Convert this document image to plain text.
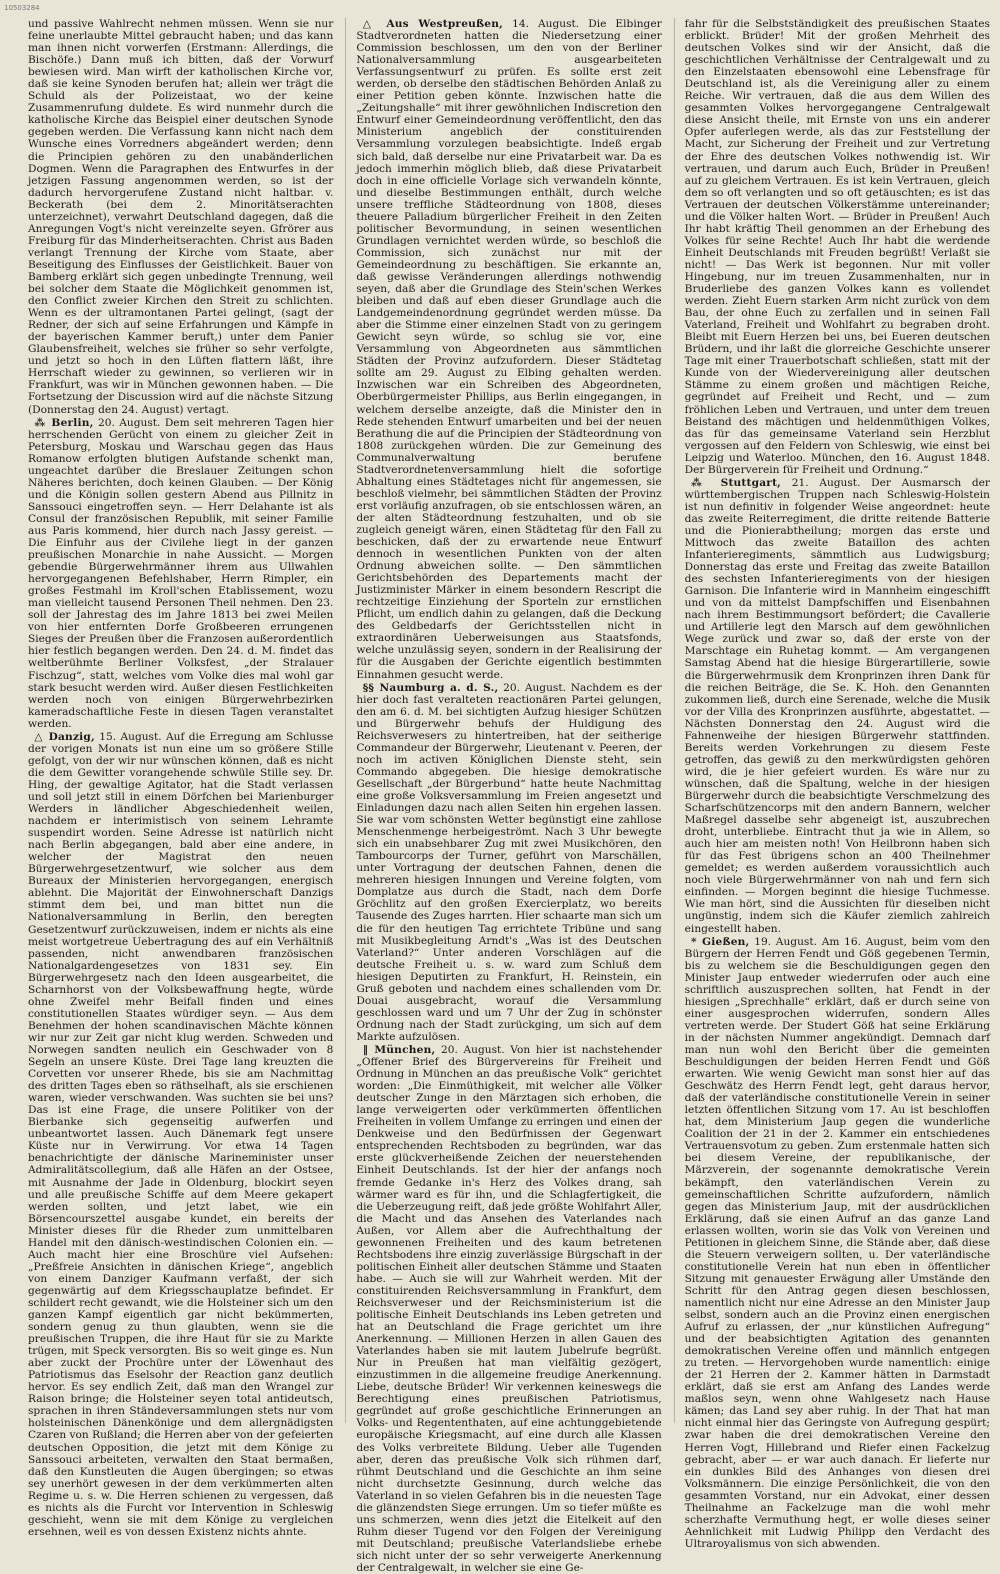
10503284

und passive Wahlrecht nehmen müssen. Wenn sie nur feine unerlaubte Mittel gebraucht haben; und das kann man ihnen nicht vorwerfen (Erstmann: Allerdings, die Bischöfe.) Dann muß ich bitten, daß der Vorwurf bewiesen wird. Man wirft der katholischen Kirche vor, daß sie keine Synoden berufen hat; allein wer trägt die Schuld als der Polizeistaat, wo der keine Zusammenrufung duldete. Es wird nunmehr durch die katholische Kirche das Beispiel einer deutschen Synode gegeben werden. Die Verfassung kann nicht nach dem Wunsche eines Vorredners abgeändert werden; denn die Principien gehören zu den unabänderlichen Dogmen. Wenn die Paragraphen des Entwurfes in der jetzigen Fassung angenommen werden, so ist der dadurch hervorgerufene Zustand nicht haltbar. v. Beckerath (bei dem 2. Minoritätserachten unterzeichnet), verwahrt Deutschland dagegen, daß die Anregungen Vogt's nicht vereinzelte seyen. Gfrörer aus Freiburg für das Minderheitserachten. Christ aus Baden verlangt Trennung der Kirche vom Staate, aber Beseitigung des Einflusses der Geistlichkeit. Bauer von Bamberg erklärt sich gegen unbedingte Trennung, weil bei solcher dem Staate die Möglichkeit genommen ist, den Conflict zweier Kirchen den Streit zu schlichten. Wenn es der ultramontanen Partei gelingt, (sagt der Redner, der sich auf seine Erfahrungen und Kämpfe in der bayerischen Kammer beruft,) unter dem Panier Glaubensfreiheit, welches sie früher so sehr verfolgte, und jetzt so hoch in den Lüften flattern läßt, ihre Herrschaft wieder zu gewinnen, so verlieren wir in Frankfurt, was wir in München gewonnen haben. — Die Fortsetzung der Discussion wird auf die nächste Sitzung (Donnerstag den 24. August) vertagt.

⁂ Berlin, 20. August. Dem seit mehreren Tagen hier herrschenden Gerücht von einem zu gleicher Zeit in Petersburg, Moskau und Warschau gegen das Haus Romanow erfolgten blutigen Aufstande schenkt man, ungeachtet darüber die Breslauer Zeitungen schon Näheres berichten, doch keinen Glauben. — Der König und die Königin sollen gestern Abend aus Pillnitz in Sanssouci eingetroffen seyn. — Herr Delahante ist als Consul der französischen Republik, mit seiner Familie aus Paris kommend, hier durch nach Jassy gereist. — Die Einfuhr aus der Civilehe liegt in der ganzen preußischen Monarchie in nahe Aussicht. — Morgen gebendie Bürgerwehrmänner ihrem aus Ullwahlen hervorgegangenen Befehlshaber, Herrn Rimpler, ein großes Festmahl im Kroll'schen Etablissement, wozu man vielleicht tausend Personen Theil nehmen. Den 23. soll der Jahrestag des im Jahre 1813 bei zwei Meilen von hier entfernten Dorfe Großbeeren errungenen Sieges der Preußen über die Franzosen außerordentlich hier festlich begangen werden. Den 24. d. M. findet das weltberühmte Berliner Volksfest, „der Stralauer Fischzug“, statt, welches vom Volke dies mal wohl gar stark besucht werden wird. Außer diesen Festlichkeiten werden noch von einigen Bürgerwehrbezirken kameradschaftliche Feste in diesen Tagen veranstaltet werden.

△ Danzig, 15. August. Auf die Erregung am Schlusse der vorigen Monats ist nun eine um so größere Stille gefolgt, von der wir nur wünschen können, daß es nicht die dem Gewitter vorangehende schwüle Stille sey. Dr. Hing, der gewaltige Agitator, hat die Stadt verlassen und soll jetzt still in einem Dörfchen bei Marienburger Werders in ländlicher Abgeschiedenheit weilen, nachdem er interimistisch von seinem Lehramte suspendirt worden. Seine Adresse ist natürlich nicht nach Berlin abgegangen, bald aber eine andere, in welcher der Magistrat den neuen Bürgerwehrgesetzentwurf, wie solcher aus dem Bureaux der Ministerien hervorgegangen, energisch ablehnt. Die Majorität der Einwohnerschaft Danzigs stimmt dem bei, und man bittet nun die Nationalversammlung in Berlin, den beregten Gesetzentwurf zurückzuweisen, indem er nichts als eine meist wortgetreue Uebertragung des auf ein Verhältniß passenden, nicht anwendbaren französischen Nationalgardengesetzes von 1831 sey. Ein Bürgerwehrgesetz nach den Ideen ausgearbeitet, die Scharnhorst von der Volksbewaffnung hegte, würde ohne Zweifel mehr Beifall finden und eines constitutionellen Staates würdiger seyn. — Aus dem Benehmen der hohen scandinavischen Mächte können wir nur zur Zeit gar nicht klug werden. Schweden und Norwegen sandten neulich ein Geschwader von 8 Segeln an unsere Küste. Drei Tage lang kreuzten die Corvetten vor unserer Rhede, bis sie am Nachmittag des dritten Tages eben so räthselhaft, als sie erschienen waren, wieder verschwanden. Was suchten sie bei uns? Das ist eine Frage, die unsere Politiker von der Bierbanke sich gegenseitig aufwerfen und unbeantwortet lassen. Auch Dänemark fegt unsere Küste nur in Verwirrung. Vor etwa 14 Tagen benachrichtigte der dänische Marineminister unser Admiralitätscollegium, daß alle Häfen an der Ostsee, mit Ausnahme der Jade in Oldenburg, blockirt seyen und alle preußische Schiffe auf dem Meere gekapert werden sollten, und jetzt labet, wie ein Börsencourszettel ausgabe kundet, ein bereits der Minister dieses für die Rheder zum unmittelbaren Handel mit den dänisch-westindischen Colonien ein. — Auch macht hier eine Broschüre viel Aufsehen: „Preßfreie Ansichten in dänischen Kriege“, angeblich von einem Danziger Kaufmann verfaßt, der sich gegenwärtig auf dem Kriegsschauplatze befindet. Er schildert recht gewandt, wie die Holsteiner sich um den ganzen Kampf eigentlich gar nicht bekümmerten, sondern genug zu thun glaubten, wenn sie die preußischen Truppen, die ihre Haut für sie zu Markte trügen, mit Speck versorgten. Bis so weit ginge es. Nun aber zuckt der Prochüre unter der Löwenhaut des Patriotismus das Eselsohr der Reaction ganz deutlich hervor. Es sey endlich Zeit, daß man den Wrangel zur Raison bringe; die Holsteiner seyen total antideutsch, sprachen in ihren Ständeversammlungen stets nur vom holsteinischen Dänenkönige und dem allergnädigsten Czaren von Rußland; die Herren aber von der gefeierten deutschen Opposition, die jetzt mit dem Könige zu Sanssouci arbeiteten, verwalten den Staat bermaßen, daß den Kunstleuten die Augen übergingen; so etwas sey unerhört gewesen in der dem verkümmerten alten Regime u. s. w. Die Herren schienen zu vergessen, daß es nichts als die Furcht vor Intervention in Schleswig geschieht, wenn sie mit dem Könige zu vergleichen ersehnen, weil es von dessen Existenz nichts ahnte.

△ Aus Westpreußen, 14. August. Die Elbinger Stadtverordneten hatten die Niedersetzung einer Commission beschlossen, um den von der Berliner Nationalversammlung ausgearbeiteten Verfassungsentwurf zu prüfen. Es sollte erst zeit werden, ob derselbe den städtischen Behörden Anlaß zu einer Petition geben könnte. Inzwischen hatte die „Zeitungshalle“ mit ihrer gewöhnlichen Indiscretion den Entwurf einer Gemeindeordnung veröffentlicht, den das Ministerium angeblich der constituirenden Versammlung vorzulegen beabsichtigte. Indeß ergab sich bald, daß derselbe nur eine Privatarbeit war. Da es jedoch immerhin möglich blieb, daß diese Privatarbeit doch in eine officielle Vorlage sich verwandeln könnte, und dieselbe Bestimmungen enthält, durch welche unsere treffliche Städteordnung von 1808, dieses theuere Palladium bürgerlicher Freiheit in den Zeiten politischer Bevormundung, in seinen wesentlichen Grundlagen vernichtet werden würde, so beschloß die Commission, sich zunächst nur mit der Gemeindeordnung zu beschäftigen. Sie erkannte an, daß gewisse Veränderungen allerdings nothwendig seyen, daß aber die Grundlage des Stein'schen Werkes bleiben und daß auf eben dieser Grundlage auch die Landgemeindenordnung gegründet werden müsse. Da aber die Stimme einer einzelnen Stadt von zu geringem Gewicht seyn würde, so schlug sie vor, eine Versammlung von Abgeordneten aus sämmtlichen Städten der Provinz aufzufordern. Dieser Städtetag sollte am 29. August zu Elbing gehalten werden. Inzwischen war ein Schreiben des Abgeordneten, Oberbürgermeister Phillips, aus Berlin eingegangen, in welchem derselbe anzeigte, daß die Minister den in Rede stehenden Entwurf umarbeiten und bei der neuen Berathung die auf die Principien der Städteordnung von 1808 zurückgehen würden. Die zur Gemeinung des Communalverwaltung berufene Stadtverordnetenversammlung hielt die sofortige Abhaltung eines Städtetages nicht für angemessen, sie beschloß vielmehr, bei sämmtlichen Städten der Provinz erst vorläufig anzufragen, ob sie entschlossen wären, an der alten Städteordnung festzuhalten, und ob sie zugleich geneigt wären, einen Städtetag für den Fall zu beschicken, daß der zu erwartende neue Entwurf dennoch in wesentlichen Punkten von der alten Ordnung abweichen sollte. — Den sämmtlichen Gerichtsbehörden des Departements macht der Justizminister Märker in einem besondern Rescript die rechtzeitige Einziehung der Sporteln zur ernstlichen Pflicht, um endlich dahin zu gelangen, daß die Deckung des Geldbedarfs der Gerichtsstellen nicht in extraordinären Ueberweisungen aus Staatsfonds, welche unzulässig seyen, sondern in der Realisirung der für die Ausgaben der Gerichte eigentlich bestimmten Einnahmen gesucht werde.

§§ Naumburg a. d. S., 20. August. Nachdem es der hier doch fast veralteten reactionären Partei gelungen, den am 6. d. M. bei sichtigten Aufzug hiesiger Schützen und Bürgerwehr behufs der Huldigung des Reichsverwesers zu hintertreiben, hat der seitherige Commandeur der Bürgerwehr, Lieutenant v. Peeren, der noch im activen Königlichen Dienste steht, sein Commando abgegeben. Die hiesige demokratische Gesellschaft „der Bürgerbund“ hatte heute Nachmittag eine große Volksversammlung im Freien angesetzt und Einladungen dazu nach allen Seiten hin ergehen lassen. Sie war vom schönsten Wetter begünstigt eine zahllose Menschenmenge herbeigeströmt. Nach 3 Uhr bewegte sich ein unabsehbarer Zug mit zwei Musikchören, den Tambourcorps der Turner, geführt von Marschällen, unter Vortragung der deutschen Fahnen, denen die mehreren hiesigen Innungen und Vereine folgten, vom Domplatze aus durch die Stadt, nach dem Dorfe Gröchlitz auf den großen Exercierplatz, wo bereits Tausende des Zuges harrten. Hier schaarte man sich um die für den heutigen Tag errichtete Tribüne und sang mit Musikbegleitung Arndt's „Was ist des Deutschen Vaterland?“ Unter anderen Vorschlägen auf die deutsche Freiheit u. s. w. ward zum Schluß dem hiesigen Deputirten zu Frankfurt, H. Reinstein, ein Gruß geboten und nachdem eines schallenden vom Dr. Douai ausgebracht, worauf die Versammlung geschlossen ward und um 7 Uhr der Zug in schönster Ordnung nach der Stadt zurückging, um sich auf dem Markte aufzulösen.

‖ München, 20. August. Von hier ist nachstehender „Offener Brief des Bürgervereins für Freiheit und Ordnung in München an das preußische Volk“ gerichtet worden: „Die Einmüthigkeit, mit welcher alle Völker deutscher Zunge in den Märztagen sich erhoben, die lange verweigerten oder verkümmerten öffentlichen Freiheiten in vollem Umfange zu erringen und einen der Denkweise und den Bedürfnissen der Gegenwart entsprechenden Rechtsboden zu begründen, war das erste glückverheißende Zeichen der neuerstehenden Einheit Deutschlands. Ist der hier der anfangs noch fremde Gedanke in's Herz des Volkes drang, sah wärmer ward es für ihn, und die Schlagfertigkeit, die die Ueberzeugung reift, daß jede größte Wohlfahrt Aller, die Macht und das Ansehen des Vaterlandes nach Außen, vor Allem aber die Aufrechthaltung der gewonnenen Freiheiten und des kaum betretenen Rechtsbodens ihre einzig zuverlässige Bürgschaft in der politischen Einheit aller deutschen Stämme und Staaten habe. — Auch sie will zur Wahrheit werden. Mit der constituirenden Reichsversammlung in Frankfurt, dem Reichsverweser und der Reichsministerium ist die politische Einheit Deutschlands ins Leben getreten und hat an Deutschland die Frage gerichtet um ihre Anerkennung. — Millionen Herzen in allen Gauen des Vaterlandes haben sie mit lautem Jubelrufe begrüßt. Nur in Preußen hat man vielfältig gezögert, einzustimmen in die allgemeine freudige Anerkennung. Liebe, deutsche Brüder! Wir verkennen keineswegs die Berechtigung eines preußischen Patriotismus, gegründet auf große geschichtliche Erinnerungen an Volks- und Regententhaten, auf eine achtunggebietende europäische Kriegsmacht, auf eine durch alle Klassen des Volks verbreitete Bildung. Ueber alle Tugenden aber, deren das preußische Volk sich rühmen darf, rühmt Deutschland und die Geschichte an ihm seine nicht durchsetzte Gesinnung, durch welche das Vaterland in so vielen Gefahren bis in die neuesten Tage die glänzendsten Siege errungen. Um so tiefer müßte es uns schmerzen, wenn dies jetzt die Eitelkeit auf den Ruhm dieser Tugend vor den Folgen der Vereinigung mit Deutschland; preußische Vaterlandsliebe erhebe sich nicht unter der so sehr verweigerte Anerkennung der Centralgewalt, in welcher sie eine Ge-

fahr für die Selbstständigkeit des preußischen Staates erblickt. Brüder! Mit der großen Mehrheit des deutschen Volkes sind wir der Ansicht, daß die geschichtlichen Verhältnisse der Centralgewalt und zu den Einzelstaaten ebensowohl eine Lebensfrage für Deutschland ist, als die Vereinigung aller zu einem Reiche. Wir vertrauen, daß die aus dem Willen des gesammten Volkes hervorgegangene Centralgewalt diese Ansicht theile, mit Ernste von uns ein anderer Opfer auferlegen werde, als das zur Feststellung der Macht, zur Sicherung der Freiheit und zur Vertretung der Ehre des deutschen Volkes nothwendig ist. Wir vertrauen, und darum auch Euch, Brüder in Preußen! auf zu gleichem Vertrauen. Es ist kein Vertrauen, gleich dem so oft verlangten und so oft getäuschten; es ist das Vertrauen der deutschen Völkerstämme untereinander; und die Völker halten Wort. — Brüder in Preußen! Auch Ihr habt kräftig Theil genommen an der Erhebung des Volkes für seine Rechte! Auch Ihr habt die werdende Einheit Deutschlands mit Freuden begrüßt! Verlaßt sie nicht! — Das Werk ist begonnen. Nur mit voller Hingebung, nur im treuen Zusammenhalten, nur in Bruderliebe des ganzen Volkes kann es vollendet werden. Zieht Euern starken Arm nicht zurück von dem Bau, der ohne Euch zu zerfallen und in seinen Fall Vaterland, Freiheit und Wohlfahrt zu begraben droht. Bleibt mit Euern Herzen bei uns, bei Eueren deutschen Brüdern, und ihr laßt die glorreiche Geschichte unserer Tage mit einer Trauerbotschaft schließen, statt mit der Kunde von der Wiedervereinigung aller deutschen Stämme zu einem großen und mächtigen Reiche, gegründet auf Freiheit und Recht, und — zum fröhlichen Leben und Vertrauen, und unter dem treuen Beistand des mächtigen und heldenmüthigen Volkes, das für das gemeinsame Vaterland sein Herzblut vergossen auf den Feldern von Schleswig, wie einst bei Leipzig und Waterloo. München, den 16. August 1848. Der Bürgerverein für Freiheit und Ordnung.“

⁂ Stuttgart, 21. August. Der Ausmarsch der württembergischen Truppen nach Schleswig-Holstein ist nun definitiv in folgender Weise angeordnet: heute das zweite Reiterregiment, die dritte reitende Batterie und die Pionierabtheilung; morgen das erste und Mittwoch das zweite Bataillon des achten Infanterieregiments, sämmtlich aus Ludwigsburg; Donnerstag das erste und Freitag das zweite Bataillon des sechsten Infanterieregiments von der hiesigen Garnison. Die Infanterie wird in Mannheim eingeschifft und von da mittelst Dampfschiffen und Eisenbahnen nach ihrem Bestimmungsort befördert; die Cavallerie und Artillerie legt den Marsch auf dem gewöhnlichen Wege zurück und zwar so, daß der erste von der Marschtage ein Ruhetag kommt. — Am vergangenen Samstag Abend hat die hiesige Bürgerartillerie, sowie die Bürgerwehrmusik dem Kronprinzen ihren Dank für die reichen Beiträge, die Se. K. Hoh. den Genannten zukommen ließ, durch eine Serenade, welche die Musik vor der Villa des Kronprinzen ausführte, abgestattet. — Nächsten Donnerstag den 24. August wird die Fahnenweihe der hiesigen Bürgerwehr stattfinden. Bereits werden Vorkehrungen zu diesem Feste getroffen, das gewiß zu den merkwürdigsten gehören wird, die je hier gefeiert wurden. Es wäre nur zu wünschen, daß die Spaltung, welche in der hiesigen Bürgerwehr durch die beabsichtigte Verschmelzung des Scharfschützencorps mit den andern Bannern, welcher Maßregel dasselbe sehr abgeneigt ist, auszubrechen droht, unterbliebe. Eintracht thut ja wie in Allem, so auch hier am meisten noth! Von Heilbronn haben sich für das Fest übrigens schon an 400 Theilnehmer gemeldet; es werden außerdem voraussichtlich auch noch viele Bürgerwehrmänner von nah und fern sich einfinden. — Morgen beginnt die hiesige Tuchmesse. Wie man hört, sind die Aussichten für dieselben nicht ungünstig, indem sich die Käufer ziemlich zahlreich eingestellt haben.

* Gießen, 19. August. Am 16. August, beim vom den Bürgern der Herren Fendt und Göß gegebenen Termin, bis zu welchem sie die Beschuldigungen gegen den Minister Jaup entweder wiederrufen oder auch eine schriftlich auszusprechen sollten, hat Fendt in der hiesigen „Sprechhalle“ erklärt, daß er durch seine von einer ausgesprochen widerrufen, sondern Alles vertreten werde. Der Studert Göß hat seine Erklärung in der nächsten Nummer angekündigt. Demnach darf man nun wohl den Bericht über die gemeinten Beschuldigungen der beiden Herren Fendt und Göß erwarten. Wie wenig Gewicht man sonst hier auf das Geschwätz des Herrn Fendt legt, geht daraus hervor, daß der vaterländische constitutionelle Verein in seiner letzten öffentlichen Sitzung vom 17. Au ist beschloffen hat, dem Ministerium Jaup gegen die wunderliche Coalition der 21 in der 2. Kammer ein entschiedenes Vertrauensvotum zu geben. Zum erstenmale hatten sich bei diesem Vereine, der republikanische, der Märzverein, der sogenannte demokratische Verein bekämpft, den vaterländischen Verein zu gemeinschaftlichen Schritte aufzufordern, nämlich gegen das Ministerium Jaup, mit der ausdrücklichen Erklärung, daß sie einen Aufruf an das ganze Land erlassen wollten, worin sie das Volk von Vereinen und Petitionen in gleichem Sinne, die Stände aber, daß diese die Steuern verweigern sollten, u. Der vaterländische constitutionelle Verein hat nun eben in öffentlicher Sitzung mit genauester Erwägung aller Umstände den Schritt für den Antrag gegen diesen beschlossen, namentlich nicht nur eine Adresse an den Minister Jaup selbst, sondern auch an die Provinz einen energischen Aufruf zu erlassen, der „nur künstlichen Aufregung“ und der beabsichtigten Agitation des genannten demokratischen Vereine offen und männlich entgegen zu treten. — Hervorgehoben wurde namentlich: einige der 21 Herren der 2. Kammer hätten in Darmstadt erklärt, daß sie erst am Anfang des Landes werde maßlos seyn, wenn ohne Wahlgesetz nach Hause kämen; das Land sey aber ruhig. In der That hat man nicht einmal hier das Geringste von Aufregung gespürt; zwar haben die drei demokratischen Vereine den Herren Vogt, Hillebrand und Riefer einen Fackelzug gebracht, aber — er war auch danach. Er lieferte nur ein dunkles Bild des Anhanges von diesen drei Volksmännern. Die einzige Persönlichkeit, die von den gesammten Vorstand, nur ein Advokat, einer dessen Theilnahme an Fackelzuge man die wohl mehr scherzhafte Vermuthung hegt, er wolle dieses seiner Aehnlichkeit mit Ludwig Philipp den Verdacht des Ultraroyalismus von sich abwenden.
